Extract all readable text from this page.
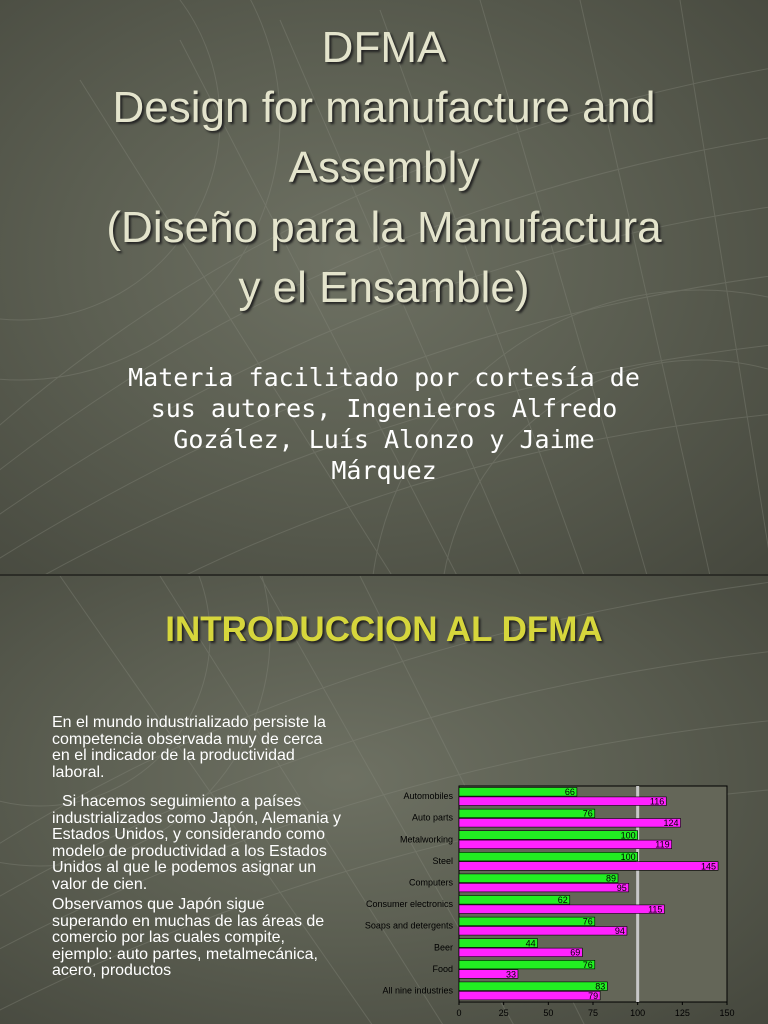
DFMA
Design for manufacture and
Assembly
(Diseño para la Manufactura
y el Ensamble)
Materia facilitado por cortesía de
sus autores, Ingenieros Alfredo
Gozález, Luís Alonzo y Jaime
Márquez
INTRODUCCION AL DFMA

En el mundo industrializado persiste la competencia observada muy de cerca en el indicador de la productividad laboral.

Si hacemos seguimiento a países industrializados como Japón, Alemania y Estados Unidos, y considerando como modelo de productividad a los Estados Unidos al que le podemos asignar un valor de cien.

Observamos que Japón sigue superando en muchas de las áreas de comercio por las cuales compite, ejemplo: auto partes, metalmecánica, acero, productos

Automobiles	66
116
Auto parts	76
124
Metalworking	100
119
Steel	100
145
Computers	89
95
Consumer electronics	62
115
Soaps and detergents	76
94
Beer	44
69
Food	76
33
All nine industries	83
79
0	25	50	75	100	125	150
